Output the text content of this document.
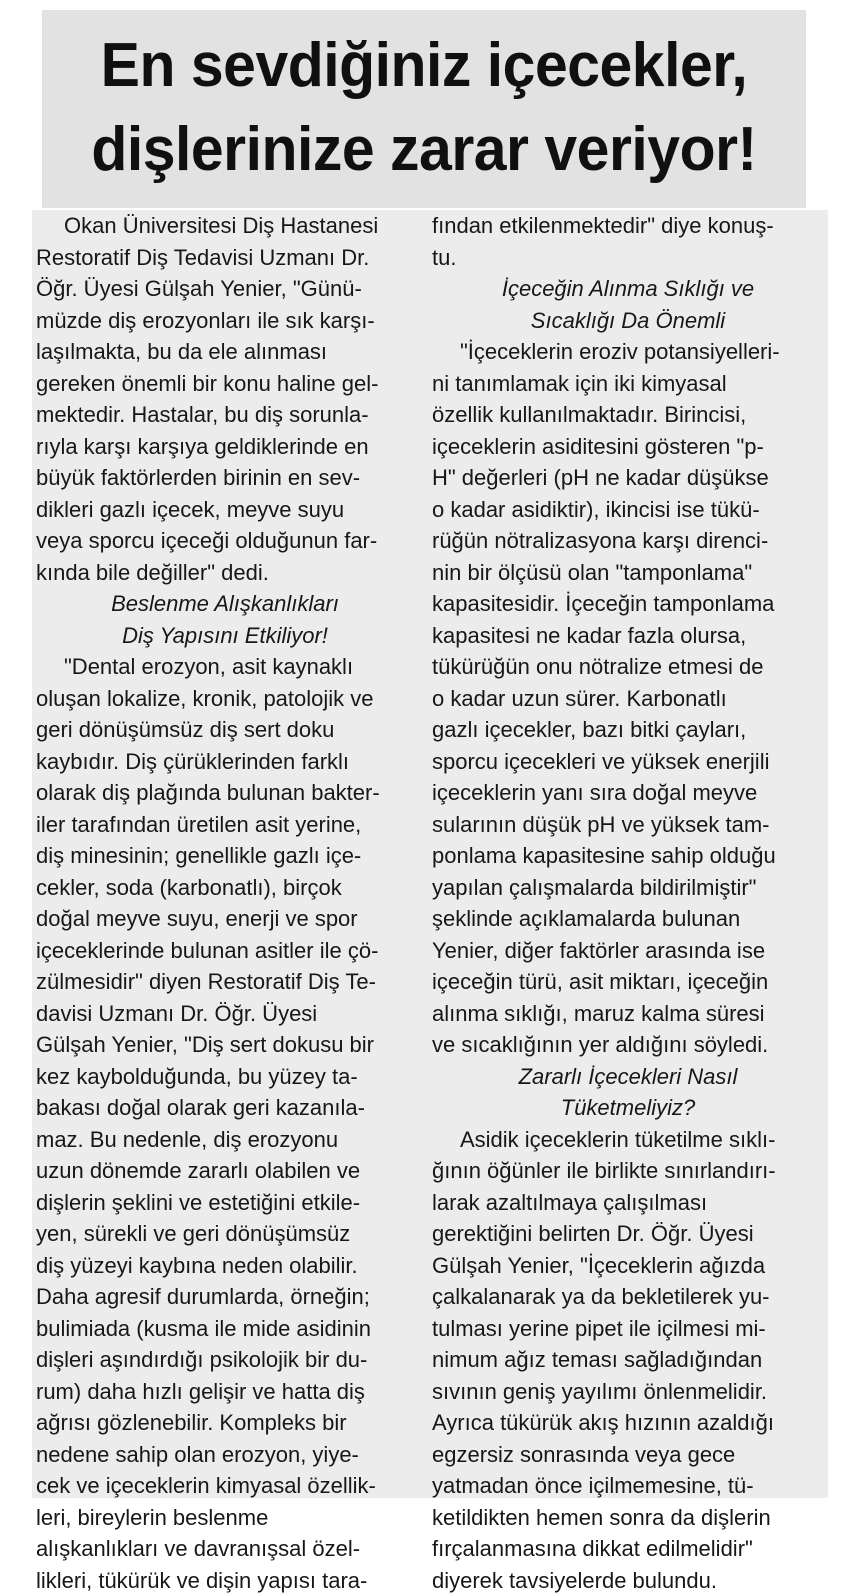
En sevdiğiniz içecekler,
dişlerinize zarar veriyor!
Okan Üniversitesi Diş Hastanesi
Restoratif Diş Tedavisi Uzmanı Dr.
Öğr. Üyesi Gülşah Yenier, "Günü-
müzde diş erozyonları ile sık karşı-
laşılmakta, bu da ele alınması
gereken önemli bir konu haline gel-
mektedir. Hastalar, bu diş sorunla-
rıyla karşı karşıya geldiklerinde en
büyük faktörlerden birinin en sev-
dikleri gazlı içecek, meyve suyu
veya sporcu içeceği olduğunun far-
kında bile değiller" dedi.
Beslenme Alışkanlıkları
Diş Yapısını Etkiliyor!
"Dental erozyon, asit kaynaklı
oluşan lokalize, kronik, patolojik ve
geri dönüşümsüz diş sert doku
kaybıdır. Diş çürüklerinden farklı
olarak diş plağında bulunan bakter-
iler tarafından üretilen asit yerine,
diş minesinin; genellikle gazlı içe-
cekler, soda (karbonatlı), birçok
doğal meyve suyu, enerji ve spor
içeceklerinde bulunan asitler ile çö-
zülmesidir" diyen Restoratif Diş Te-
davisi Uzmanı Dr. Öğr. Üyesi
Gülşah Yenier, "Diş sert dokusu bir
kez kaybolduğunda, bu yüzey ta-
bakası doğal olarak geri kazanıla-
maz. Bu nedenle, diş erozyonu
uzun dönemde zararlı olabilen ve
dişlerin şeklini ve estetiğini etkile-
yen, sürekli ve geri dönüşümsüz
diş yüzeyi kaybına neden olabilir.
Daha agresif durumlarda, örneğin;
bulimiada (kusma ile mide asidinin
dişleri aşındırdığı psikolojik bir du-
rum) daha hızlı gelişir ve hatta diş
ağrısı gözlenebilir. Kompleks bir
nedene sahip olan erozyon, yiye-
cek ve içeceklerin kimyasal özellik-
leri, bireylerin beslenme
alışkanlıkları ve davranışsal özel-
likleri, tükürük ve dişin yapısı tara-
fından etkilenmektedir" diye konuş-
tu.
İçeceğin Alınma Sıklığı ve
Sıcaklığı Da Önemli
"İçeceklerin eroziv potansiyelleri-
ni tanımlamak için iki kimyasal
özellik kullanılmaktadır. Birincisi,
içeceklerin asiditesini gösteren "p-
H" değerleri (pH ne kadar düşükse
o kadar asidiktir), ikincisi ise tükü-
rüğün nötralizasyona karşı direnci-
nin bir ölçüsü olan "tamponlama"
kapasitesidir. İçeceğin tamponlama
kapasitesi ne kadar fazla olursa,
tükürüğün onu nötralize etmesi de
o kadar uzun sürer. Karbonatlı
gazlı içecekler, bazı bitki çayları,
sporcu içecekleri ve yüksek enerjili
içeceklerin yanı sıra doğal meyve
sularının düşük pH ve yüksek tam-
ponlama kapasitesine sahip olduğu
yapılan çalışmalarda bildirilmiştir"
şeklinde açıklamalarda bulunan
Yenier, diğer faktörler arasında ise
içeceğin türü, asit miktarı, içeceğin
alınma sıklığı, maruz kalma süresi
ve sıcaklığının yer aldığını söyledi.
Zararlı İçecekleri Nasıl
Tüketmeliyiz?
Asidik içeceklerin tüketilme sıklı-
ğının öğünler ile birlikte sınırlandırı-
larak azaltılmaya çalışılması
gerektiğini belirten Dr. Öğr. Üyesi
Gülşah Yenier, "İçeceklerin ağızda
çalkalanarak ya da bekletilerek yu-
tulması yerine pipet ile içilmesi mi-
nimum ağız teması sağladığından
sıvının geniş yayılımı önlenmelidir.
Ayrıca tükürük akış hızının azaldığı
egzersiz sonrasında veya gece
yatmadan önce içilmemesine, tü-
ketildikten hemen sonra da dişlerin
fırçalanmasına dikkat edilmelidir"
diyerek tavsiyelerde bulundu.
